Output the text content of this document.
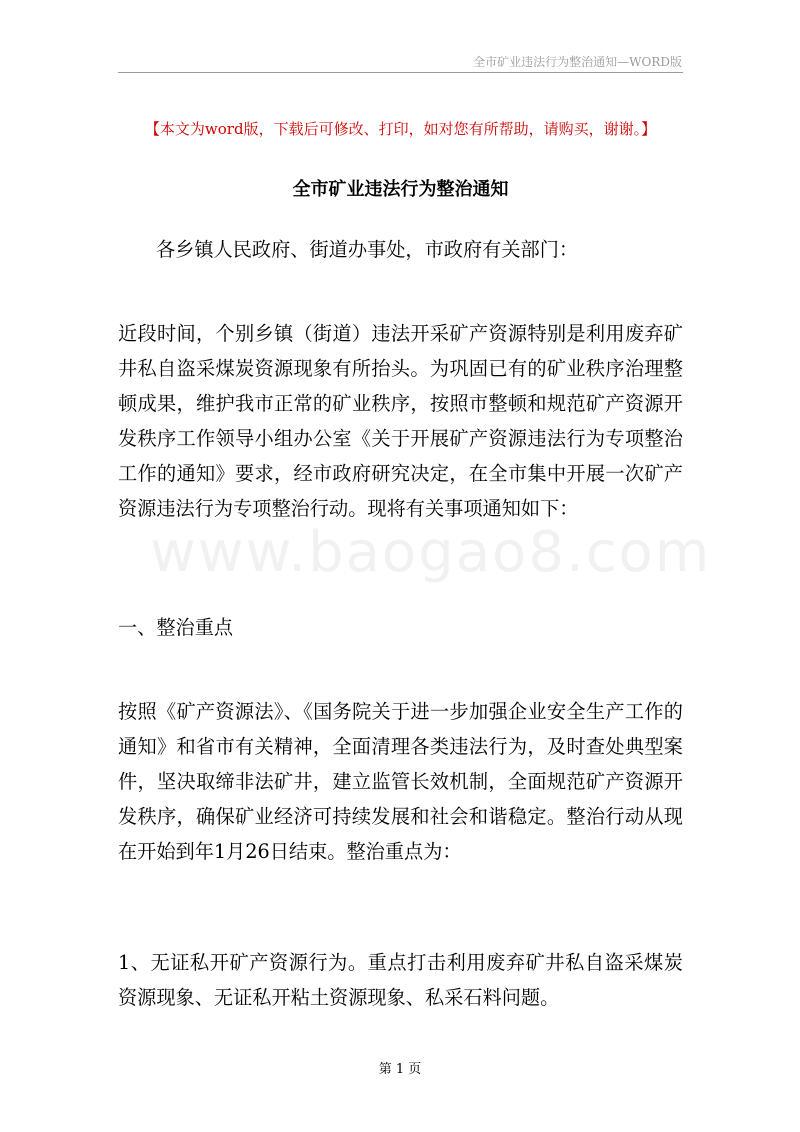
全市矿业违法行为整治通知—WORD版
【本文为word版，下载后可修改、打印，如对您有所帮助，请购买，谢谢。】
全市矿业违法行为整治通知

各乡镇人民政府、街道办事处，市政府有关部门：

近段时间，个别乡镇（街道）违法开采矿产资源特别是利用废弃矿井私自盗采煤炭资源现象有所抬头。为巩固已有的矿业秩序治理整顿成果，维护我市正常的矿业秩序，按照市整顿和规范矿产资源开发秩序工作领导小组办公室《关于开展矿产资源违法行为专项整治工作的通知》要求，经市政府研究决定，在全市集中开展一次矿产资源违法行为专项整治行动。现将有关事项通知如下：

一、整治重点

按照《矿产资源法》、《国务院关于进一步加强企业安全生产工作的通知》和省市有关精神，全面清理各类违法行为，及时查处典型案件，坚决取缔非法矿井，建立监管长效机制，全面规范矿产资源开发秩序，确保矿业经济可持续发展和社会和谐稳定。整治行动从现在开始到年1月26日结束。整治重点为：

1、无证私开矿产资源行为。重点打击利用废弃矿井私自盗采煤炭资源现象、无证私开粘土资源现象、私采石料问题。

www.baogao8.com
第 1 页
